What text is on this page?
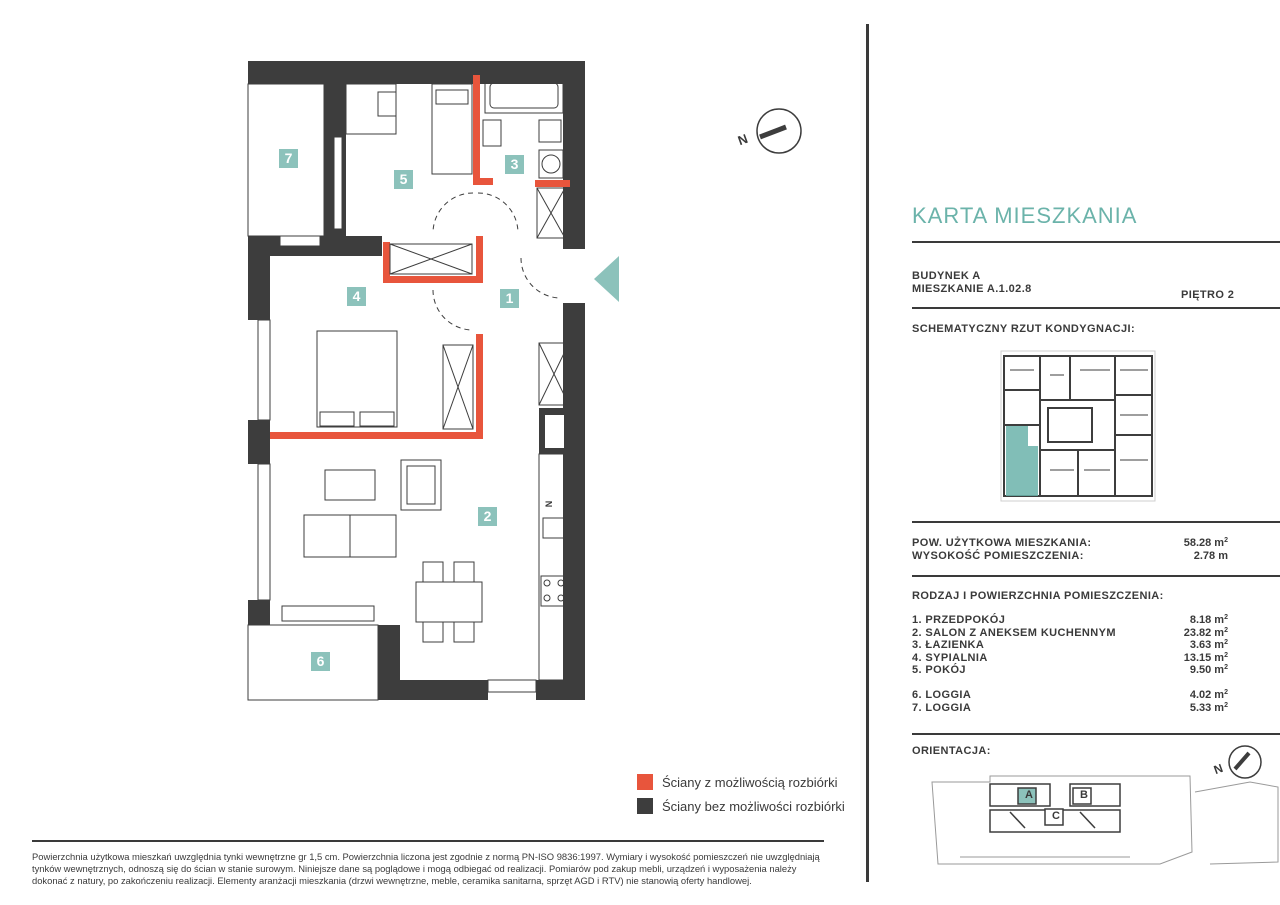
N
N
7
5
3
4	1
2
6
Ściany z możliwością rozbiórki
Ściany bez możliwości rozbiórki
Powierzchnia użytkowa mieszkań uwzględnia tynki wewnętrzne gr 1,5 cm. Powierzchnia liczona jest zgodnie z normą PN-ISO 9836:1997. Wymiary i wysokość pomieszczeń nie uwzględniają tynków wewnętrznych, odnoszą się do ścian w stanie surowym. Niniejsze dane są poglądowe i mogą odbiegać od realizacji. Pomiarów pod zakup mebli, urządzeń i wyposażenia należy dokonać z natury, po zakończeniu realizacji. Elementy aranżacji mieszkania (drzwi wewnętrzne, meble, ceramika sanitarna, sprzęt AGD i RTV) nie stanowią oferty handlowej.
KARTA MIESZKANIA
BUDYNEK A
MIESZKANIE A.1.02.8	PIĘTRO 2
SCHEMATYCZNY RZUT KONDYGNACJI:
POW. UŻYTKOWA MIESZKANIA:	58.28 $m^2$
WYSOKOŚĆ POMIESZCZENIA:	2.78 m
RODZAJ I POWIERZCHNIA POMIESZCZENIA:
1. PRZEDPOKÓJ	8.18 $m^2$
2. SALON Z ANEKSEM KUCHENNYM	23.82 $m^2$
3. ŁAZIENKA	3.63 $m^2$
4. SYPIALNIA	13.15 $m^2$
5. POKÓJ	9.50 $m^2$
6. LOGGIA	4.02 $m^2$
7. LOGGIA	5.33 $m^2$
ORIENTACJA:
N
A	B
C
